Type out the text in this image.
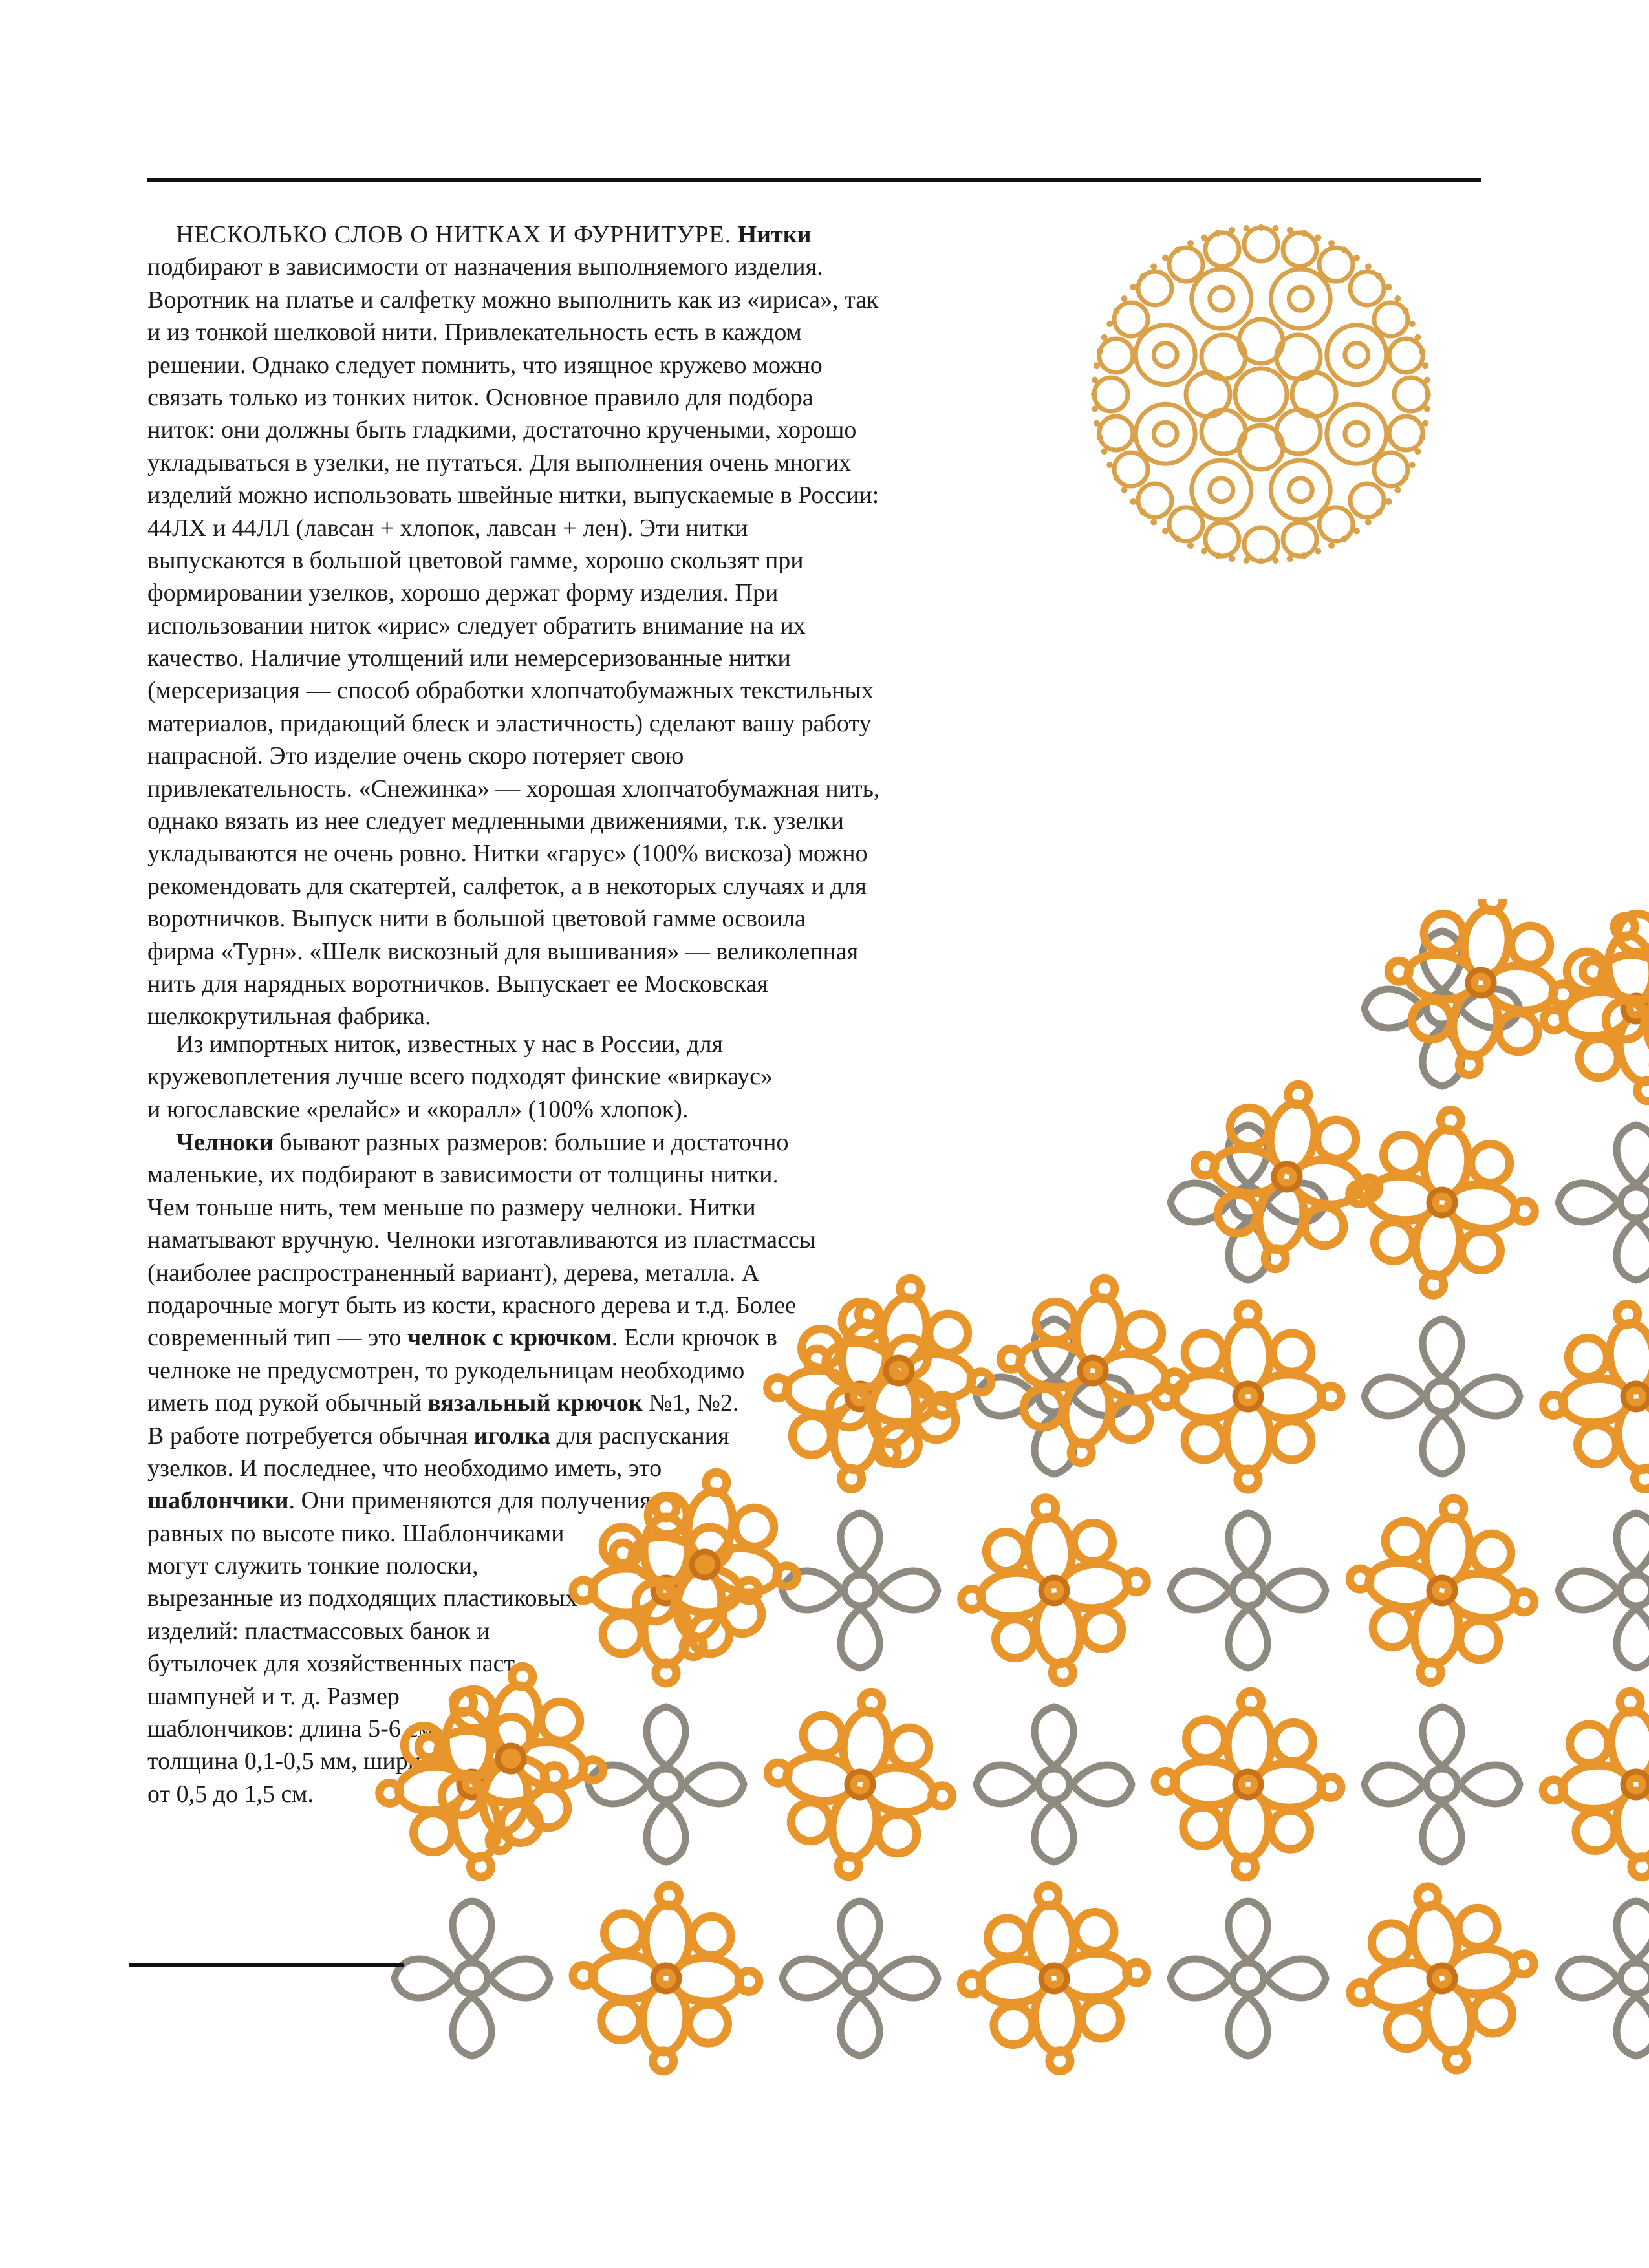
НЕСКОЛЬКО СЛОВ О НИТКАХ И ФУРНИТУРЕ. Нитки
подбирают в зависимости от назначения выполняемого изделия.
Воротник на платье и салфетку можно выполнить как из «ириса», так
и из тонкой шелковой нити. Привлекательность есть в каждом
решении. Однако следует помнить, что изящное кружево можно
связать только из тонких ниток. Основное правило для подбора
ниток: они должны быть гладкими, достаточно кручеными, хорошо
укладываться в узелки, не путаться. Для выполнения очень многих
изделий можно использовать швейные нитки, выпускаемые в России:
44ЛХ и 44ЛЛ (лавсан + хлопок, лавсан + лен). Эти нитки
выпускаются в большой цветовой гамме, хорошо скользят при
формировании узелков, хорошо держат форму изделия. При
использовании ниток «ирис» следует обратить внимание на их
качество. Наличие утолщений или немерсеризованные нитки
(мерсеризация — способ обработки хлопчатобумажных текстильных
материалов, придающий блеск и эластичность) сделают вашу работу
напрасной. Это изделие очень скоро потеряет свою
привлекательность. «Снежинка» — хорошая хлопчатобумажная нить,
однако вязать из нее следует медленными движениями, т.к. узелки
укладываются не очень ровно. Нитки «гарус» (100% вискоза) можно
рекомендовать для скатертей, салфеток, а в некоторых случаях и для
воротничков. Выпуск нити в большой цветовой гамме освоила
фирма «Турн». «Шелк вискозный для вышивания» — великолепная
нить для нарядных воротничков. Выпускает ее Московская
шелкокрутильная фабрика.
Из импортных ниток, известных у нас в России, для
кружевоплетения лучше всего подходят финские «виркаус»
и югославские «релайс» и «коралл» (100% хлопок).
Челноки бывают разных размеров: большие и достаточно
маленькие, их подбирают в зависимости от толщины нитки.
Чем тоньше нить, тем меньше по размеру челноки. Нитки
наматывают вручную. Челноки изготавливаются из пластмассы
(наиболее распространенный вариант), дерева, металла. А
подарочные могут быть из кости, красного дерева и т.д. Более
современный тип — это челнок с крючком. Если крючок в
челноке не предусмотрен, то рукодельницам необходимо
иметь под рукой обычный вязальный крючок №1, №2.
В работе потребуется обычная иголка для распускания
узелков. И последнее, что необходимо иметь, это
шаблончики. Они применяются для получения
равных по высоте пико. Шаблончиками
могут служить тонкие полоски,
вырезанные из подходящих пластиковых
изделий: пластмассовых банок и
бутылочек для хозяйственных паст,
шампуней и т. д. Размер
шаблончиков: длина 5-6 см,
толщина 0,1-0,5 мм, ширина
от 0,5 до 1,5 см.
